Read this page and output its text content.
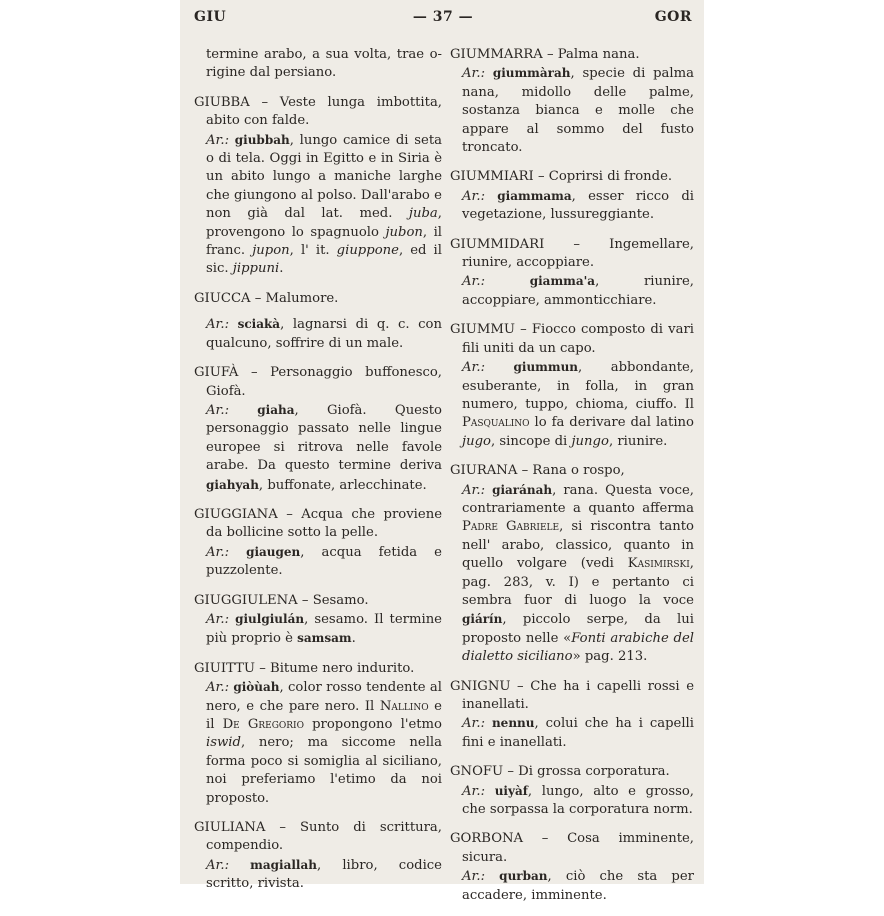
GIU	— 37 —	GOR

termine arabo, a sua volta, trae o- rigine dal persiano.

GIUBBA – Veste lunga imbottita, abito con falde.

Ar.: giubbah, lungo camice di seta o di tela. Oggi in Egitto e in Siria è un abito lungo a maniche larghe che giungono al polso. Dall'arabo e non già dal lat. med. juba, provengono lo spagnuolo jubon, il franc. jupon, l' it. giuppone, ed il sic. jippuni.

GIUCCA – Malumore.

Ar.: sciakà, lagnarsi di q. c. con qualcuno, soffrire di un male.

GIUFÀ – Personaggio buffonesco, Giofà.

Ar.: giaha, Giofà. Questo personaggio passato nelle lingue europee si ritrova nelle favole arabe. Da questo termine deriva giahyah, buffonate, arlecchinate.

GIUGGIANA – Acqua che proviene da bollicine sotto la pelle.

Ar.: giaugen, acqua fetida e puzzolente.

GIUGGIULENA – Sesamo.

Ar.: giulgiulán, sesamo. Il termine più proprio è samsam.

GIUITTU – Bitume nero indurito.

Ar.: giòùah, color rosso tendente al nero, e che pare nero. Il Nallino e il De Gregorio propongono l'etmo iswid, nero; ma siccome nella forma poco si somiglia al siciliano, noi preferiamo l'etimo da noi proposto.

GIULIANA – Sunto di scrittura, compendio.

Ar.: magiallah, libro, codice scritto, rivista.

GIUMMARRA – Palma nana.

Ar.: giummàrah, specie di palma nana, midollo delle palme, sostanza bianca e molle che appare al sommo del fusto troncato.

GIUMMIARI – Coprirsi di fronde.

Ar.: giammama, esser ricco di vegetazione, lussureggiante.

GIUMMIDARI – Ingemellare, riunire, accoppiare.

Ar.:	giamma'a, riunire, accoppiare, ammonticchiare.

GIUMMU – Fiocco composto di vari fili uniti da un capo.

Ar.: giummun, abbondante, esuberante, in folla, in gran numero, tuppo, chioma, ciuffo. Il Pasqualino lo fa derivare dal latino jugo, sincope di jungo, riunire.

GIURANA – Rana o rospo,

Ar.: giaránah, rana. Questa voce, contrariamente a quanto afferma Padre Gabriele, si riscontra tanto nell' arabo, classico, quanto in quello volgare (vedi Kasimirski, pag. 283, v. I) e pertanto ci sembra fuor di luogo la voce giárín, piccolo serpe, da lui proposto nelle «Fonti arabiche del dialetto siciliano» pag. 213.

GNIGNU – Che ha i capelli rossi e inanellati.

Ar.: nennu, colui che ha i capelli fini e inanellati.

GNOFU – Di grossa corporatura.

Ar.: uiyàf, lungo, alto e grosso, che sorpassa la corporatura norm.

GORBONA – Cosa imminente, sicura.

Ar.: qurban, ciò che sta per accadere, imminente.
